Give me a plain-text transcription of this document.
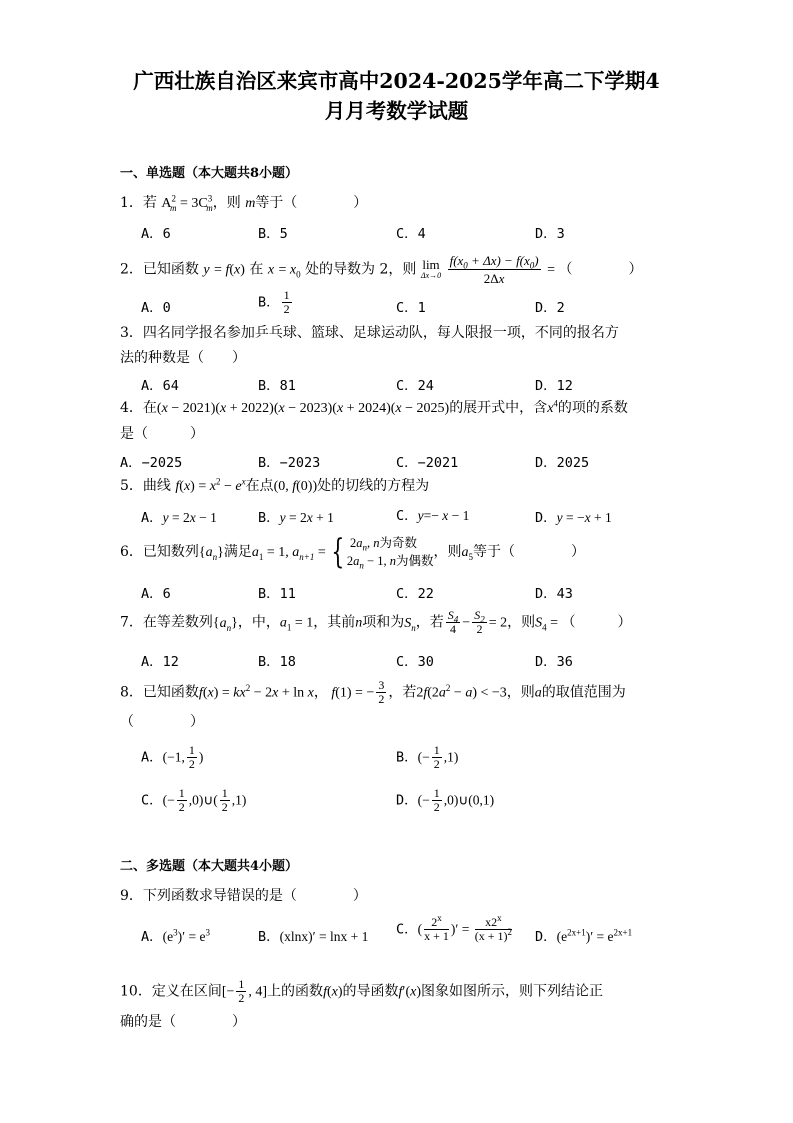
广西壮族自治区来宾市高中2024-2025学年高二下学期4
月月考数学试题
一、单选题（本大题共8小题）
1．若 $A^2_m = 3C^3_m$，则 m等于（　　　　）
A．6	B．5	C．4	D．3
2．已知函数 y = f(x) 在 $x = x_0$ 处的导数为 2，则 lim
Δx→0
$\frac{f(x_0 + \Delta x) - f(x_0)}{2\Delta x}$ = （　　　　）
A．0	B． $\frac{1}{2}$	C．1	D．2
3．四名同学报名参加乒乓球、篮球、足球运动队，每人限报一项，不同的报名方
法的种数是（　　）
A．64	B．81	C．24	D．12
4．在(x − 2021)(x + 2022)(x − 2023)(x + 2024)(x − 2025)的展开式中，含$x^4$的项的系数
是（　　　）
A．−2025	B．−2023	C．−2021	D．2025
5．曲线 $f(x) = x^2 - e^x$在点(0, f(0))处的切线的方程为
A．y = 2x − 1	B．y = 2x + 1	C．y=− x − 1	D．y = −x + 1
6．已知数列$\{a_n\}$满足$a_1 = 1$, $a_{n+1}$ = { $2a_n$, n为奇数
$2a_n - 1$, n为偶数
，则$a_5$等于（　　　　）
A．6	B．11	C．22	D．43
7．在等差数列$\{a_n\}$，中，$a_1 = 1$，其前n项和为$S_n$，若 $\frac{S_4}{4} - \frac{S_2}{2} = 2$，则$S_4$ = （　　　）
A．12	B．18	C．30	D．36
8．已知函数$f(x) = kx^2 - 2x + \ln x$， f(1) = − $\frac{3}{2}$ ，若$2f(2a^2 - a) < -3$，则a的取值范围为
（　　　　）
A．(−1, $\frac{1}{2}$ )	B．(− $\frac{1}{2} ,1$)
C．(− $\frac{1}{2}$ ,0)∪( $\frac{1}{2} ,1$)	D．(− $\frac{1}{2}$ ,0)∪(0,1)
二、多选题（本大题共4小题）
9．下列函数求导错误的是（　　　　）
A．$(e^3)' = e^3$	B．(xlnx)′ = lnx + 1 C．( $\frac{2^x}{x + 1}$ )′ = $\frac{x2^x}{(x + 1)^2}$ D．$(e^{2x+1})' = e^{2x+1}$
10．定义在区间[− $\frac{1}{2}$ , 4]上的函数f(x)的导函数f′(x)图象如图所示，则下列结论正
确的是（　　　　）
